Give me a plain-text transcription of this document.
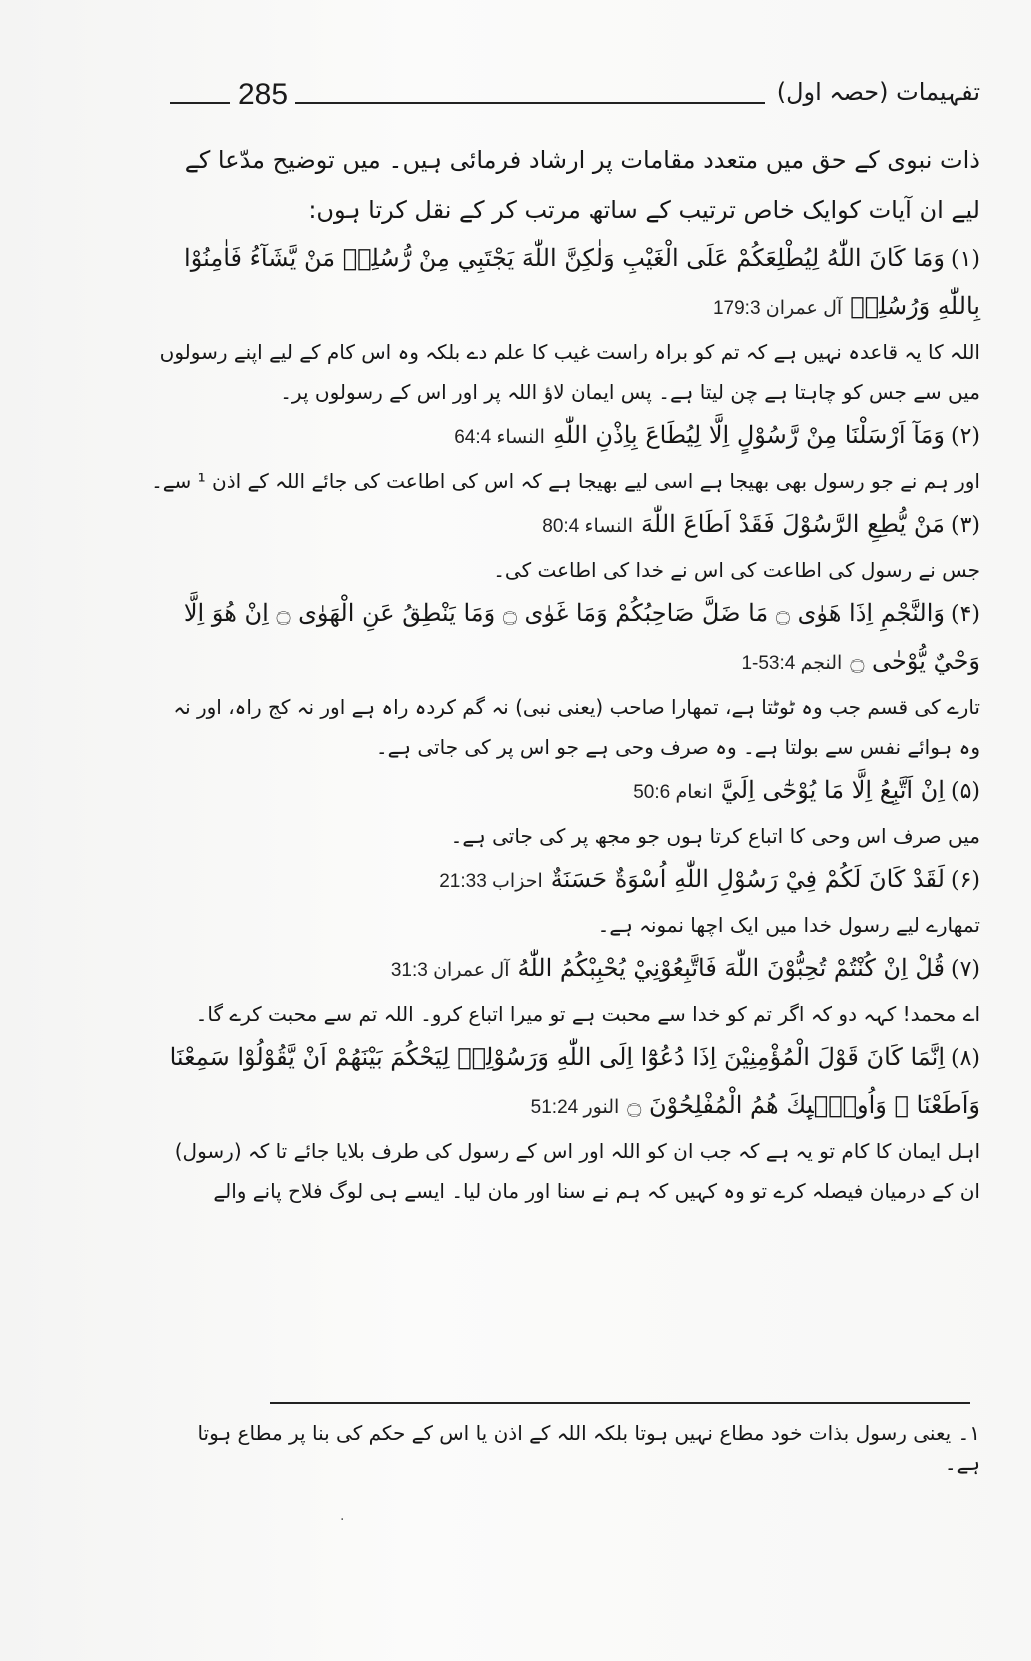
285	تفہیمات (حصہ اول)

ذات نبوی کے حق میں متعدد مقامات پر ارشاد فرمائی ہیں۔ میں توضیح مدّعا کے لیے ان آیات کوایک خاص ترتیب کے ساتھ مرتب کر کے نقل کرتا ہوں:

(۱)وَمَا كَانَ اللّٰهُ لِيُطْلِعَكُمْ عَلَى الْغَيْبِ وَلٰكِنَّ اللّٰهَ يَجْتَبِي مِنْ رُّسُلِهٖ مَنْ يَّشَآءُ فَاٰمِنُوْا بِاللّٰهِ وَرُسُلِهٖآل عمران 179:3

اللہ کا یہ قاعدہ نہیں ہے کہ تم کو براہ راست غیب کا علم دے بلکہ وہ اس کام کے لیے اپنے رسولوں میں سے جس کو چاہتا ہے چن لیتا ہے۔ پس ایمان لاؤ اللہ پر اور اس کے رسولوں پر۔

(۲)وَمَآ اَرْسَلْنَا مِنْ رَّسُوْلٍ اِلَّا لِيُطَاعَ بِاِذْنِ اللّٰهِالنساء 64:4

اور ہم نے جو رسول بھی بھیجا ہے اسی لیے بھیجا ہے کہ اس کی اطاعت کی جائے اللہ کے اذن ¹ سے۔

(۳)مَنْ يُّطِعِ الرَّسُوْلَ فَقَدْ اَطَاعَ اللّٰهَالنساء 80:4

جس نے رسول کی اطاعت کی اس نے خدا کی اطاعت کی۔

(۴)وَالنَّجْمِ اِذَا هَوٰى ۝ مَا ضَلَّ صَاحِبُكُمْ وَمَا غَوٰى ۝ وَمَا يَنْطِقُ عَنِ الْهَوٰى ۝ اِنْ هُوَ اِلَّا وَحْيٌ يُّوْحٰى ۝النجم 53:4-1

تارے کی قسم جب وہ ٹوٹتا ہے، تمھارا صاحب (یعنی نبی) نہ گم کردہ راہ ہے اور نہ کج راہ، اور نہ وہ ہوائے نفس سے بولتا ہے۔ وہ صرف وحی ہے جو اس پر کی جاتی ہے۔

(۵)اِنْ اَتَّبِعُ اِلَّا مَا يُوْحٰٓى اِلَيَّانعام 50:6

میں صرف اس وحی کا اتباع کرتا ہوں جو مجھ پر کی جاتی ہے۔

(۶)لَقَدْ كَانَ لَكُمْ فِيْ رَسُوْلِ اللّٰهِ اُسْوَةٌ حَسَنَةٌاحزاب 21:33

تمھارے لیے رسول خدا میں ایک اچھا نمونہ ہے۔

(۷)قُلْ اِنْ كُنْتُمْ تُحِبُّوْنَ اللّٰهَ فَاتَّبِعُوْنِيْ يُحْبِبْكُمُ اللّٰهُآل عمران 31:3

اے محمد! کہہ دو کہ اگر تم کو خدا سے محبت ہے تو میرا اتباع کرو۔ اللہ تم سے محبت کرے گا۔

(۸)اِنَّمَا كَانَ قَوْلَ الْمُؤْمِنِيْنَ اِذَا دُعُوْٓا اِلَى اللّٰهِ وَرَسُوْلِهٖ لِيَحْكُمَ بَيْنَهُمْ اَنْ يَّقُوْلُوْا سَمِعْنَا وَاَطَعْنَا ۭ وَاُولٰۗىِٕكَ هُمُ الْمُفْلِحُوْنَ ۝النور 51:24

اہل ایمان کا کام تو یہ ہے کہ جب ان کو اللہ اور اس کے رسول کی طرف بلایا جائے تا کہ (رسول) ان کے درمیان فیصلہ کرے تو وہ کہیں کہ ہم نے سنا اور مان لیا۔ ایسے ہی لوگ فلاح پانے والے

۱۔ یعنی رسول بذات خود مطاع نہیں ہوتا بلکہ اللہ کے اذن یا اس کے حکم کی بنا پر مطاع ہوتا ہے۔
·
